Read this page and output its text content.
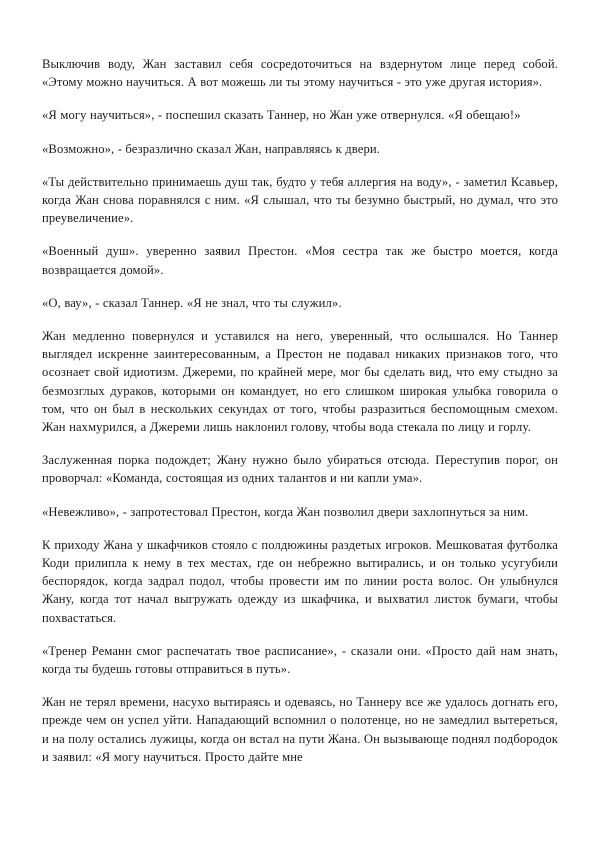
Выключив воду, Жан заставил себя сосредоточиться на вздернутом лице перед собой. «Этому можно научиться. А вот можешь ли ты этому научиться - это уже другая история».

«Я могу научиться», - поспешил сказать Таннер, но Жан уже отвернулся. «Я обещаю!»

«Возможно», - безразлично сказал Жан, направляясь к двери.

«Ты действительно принимаешь душ так, будто у тебя аллергия на воду», - заметил Ксавьер, когда Жан снова поравнялся с ним. «Я слышал, что ты безумно быстрый, но думал, что это преувеличение».

«Военный душ». уверенно заявил Престон. «Моя сестра так же быстро моется, когда возвращается домой».

«О, вау», - сказал Таннер. «Я не знал, что ты служил».

Жан медленно повернулся и уставился на него, уверенный, что ослышался. Но Таннер выглядел искренне заинтересованным, а Престон не подавал никаких признаков того, что осознает свой идиотизм. Джереми, по крайней мере, мог бы сделать вид, что ему стыдно за безмозглых дураков, которыми он командует, но его слишком широкая улыбка говорила о том, что он был в нескольких секундах от того, чтобы разразиться беспомощным смехом. Жан нахмурился, а Джереми лишь наклонил голову, чтобы вода стекала по лицу и горлу.

Заслуженная порка подождет; Жану нужно было убираться отсюда. Переступив порог, он проворчал: «Команда, состоящая из одних талантов и ни капли ума».

«Невежливо», - запротестовал Престон, когда Жан позволил двери захлопнуться за ним.

К приходу Жана у шкафчиков стояло с полдюжины раздетых игроков. Мешковатая футболка Коди прилипла к нему в тех местах, где он небрежно вытирались, и он только усугубили беспорядок, когда задрал подол, чтобы провести им по линии роста волос. Он улыбнулся Жану, когда тот начал выгружать одежду из шкафчика, и выхватил листок бумаги, чтобы похвастаться.

«Тренер Реманн смог распечатать твое расписание», - сказали они. «Просто дай нам знать, когда ты будешь готовы отправиться в путь».

Жан не терял времени, насухо вытираясь и одеваясь, но Таннеру все же удалось догнать его, прежде чем он успел уйти. Нападающий вспомнил о полотенце, но не замедлил вытереться, и на полу остались лужицы, когда он встал на пути Жана. Он вызывающе поднял подбородок и заявил: «Я могу научиться. Просто дайте мне
